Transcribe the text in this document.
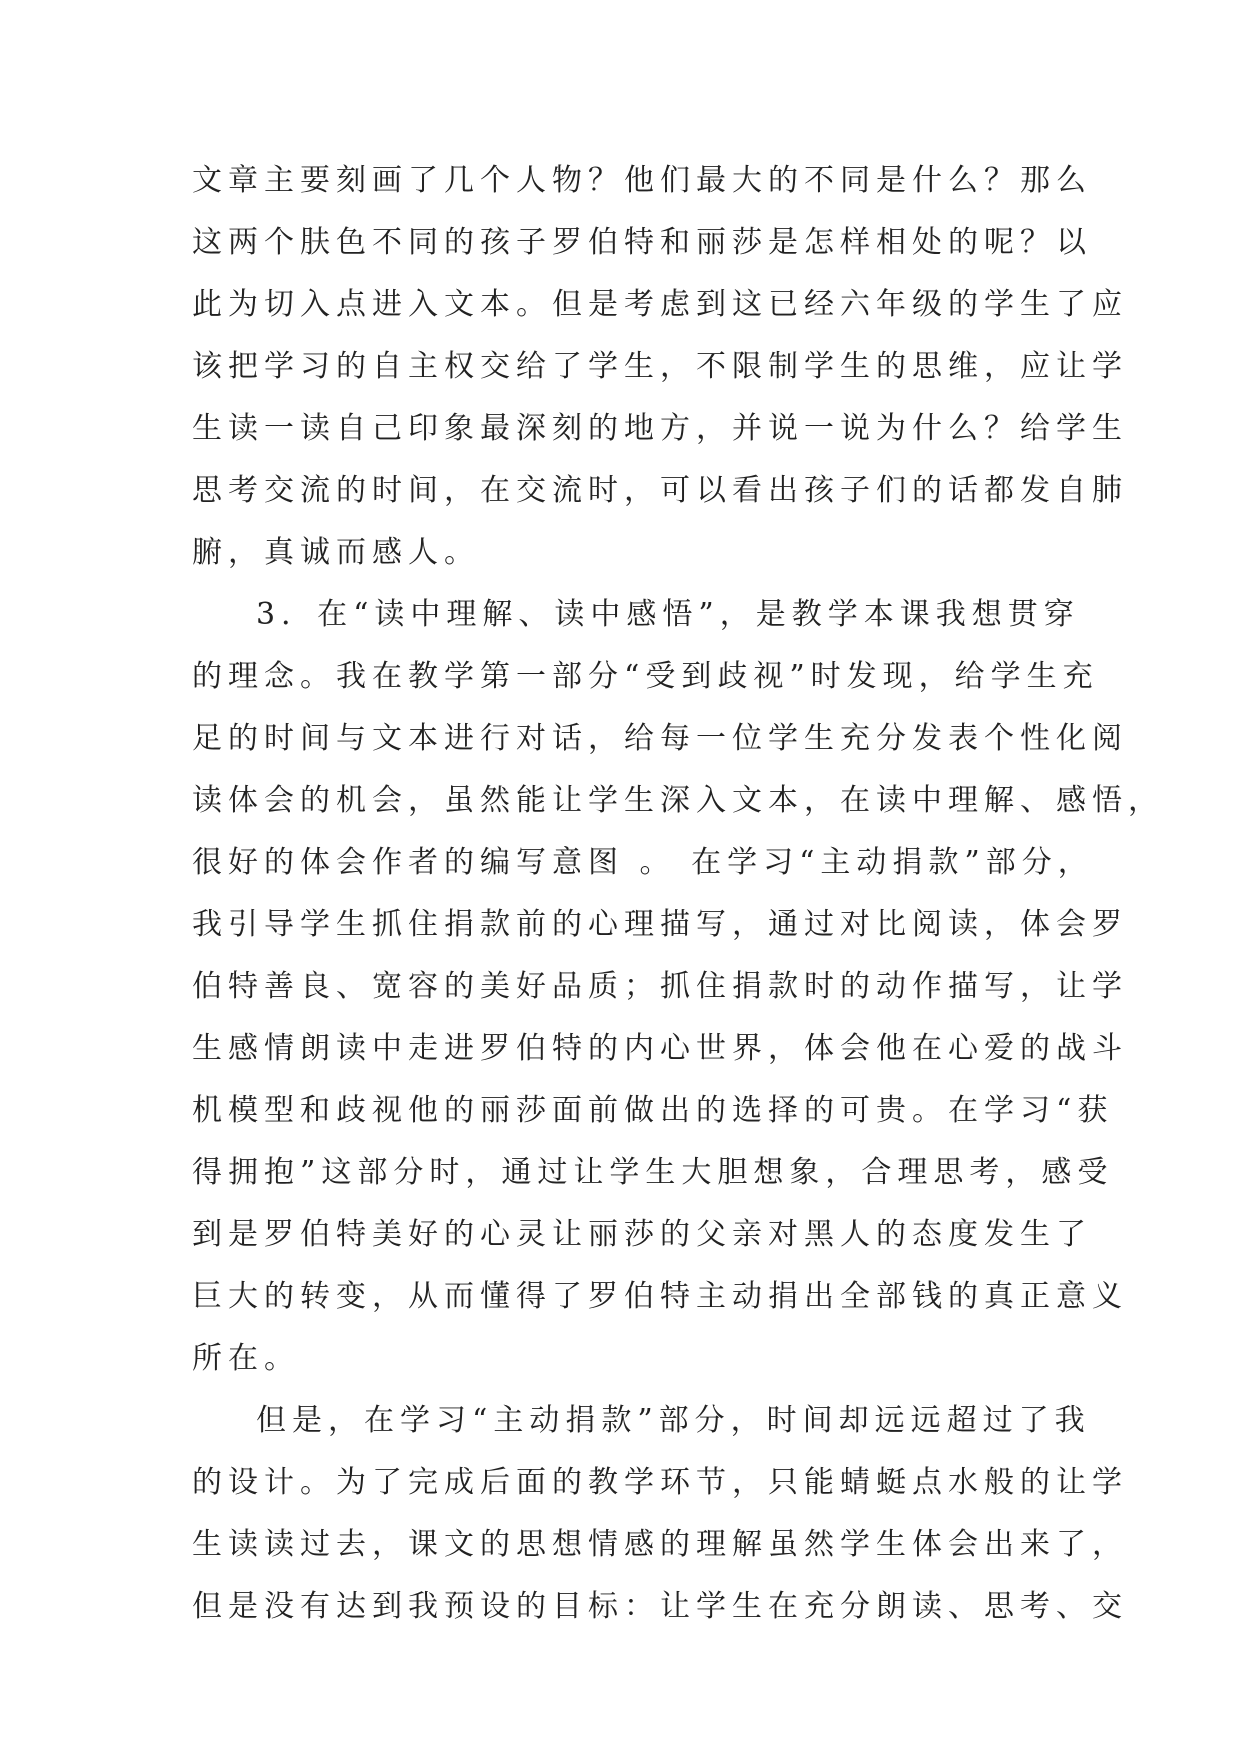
文章主要刻画了几个人物？他们最大的不同是什么？那么
这两个肤色不同的孩子罗伯特和丽莎是怎样相处的呢？以
此为切入点进入文本。但是考虑到这已经六年级的学生了应
该把学习的自主权交给了学生，不限制学生的思维，应让学
生读一读自己印象最深刻的地方，并说一说为什么？给学生
思考交流的时间，在交流时，可以看出孩子们的话都发自肺
腑，真诚而感人。
3．在“读中理解、读中感悟”，是教学本课我想贯穿
的理念。我在教学第一部分“受到歧视”时发现，给学生充
足的时间与文本进行对话，给每一位学生充分发表个性化阅
读体会的机会，虽然能让学生深入文本，在读中理解、感悟，
很好的体会作者的编写意图 。 在学习“主动捐款”部分，
我引导学生抓住捐款前的心理描写，通过对比阅读，体会罗
伯特善良、宽容的美好品质；抓住捐款时的动作描写，让学
生感情朗读中走进罗伯特的内心世界，体会他在心爱的战斗
机模型和歧视他的丽莎面前做出的选择的可贵。在学习“获
得拥抱”这部分时，通过让学生大胆想象，合理思考，感受
到是罗伯特美好的心灵让丽莎的父亲对黑人的态度发生了
巨大的转变，从而懂得了罗伯特主动捐出全部钱的真正意义
所在。
但是，在学习“主动捐款”部分，时间却远远超过了我
的设计。为了完成后面的教学环节，只能蜻蜓点水般的让学
生读读过去，课文的思想情感的理解虽然学生体会出来了，
但是没有达到我预设的目标：让学生在充分朗读、思考、交
